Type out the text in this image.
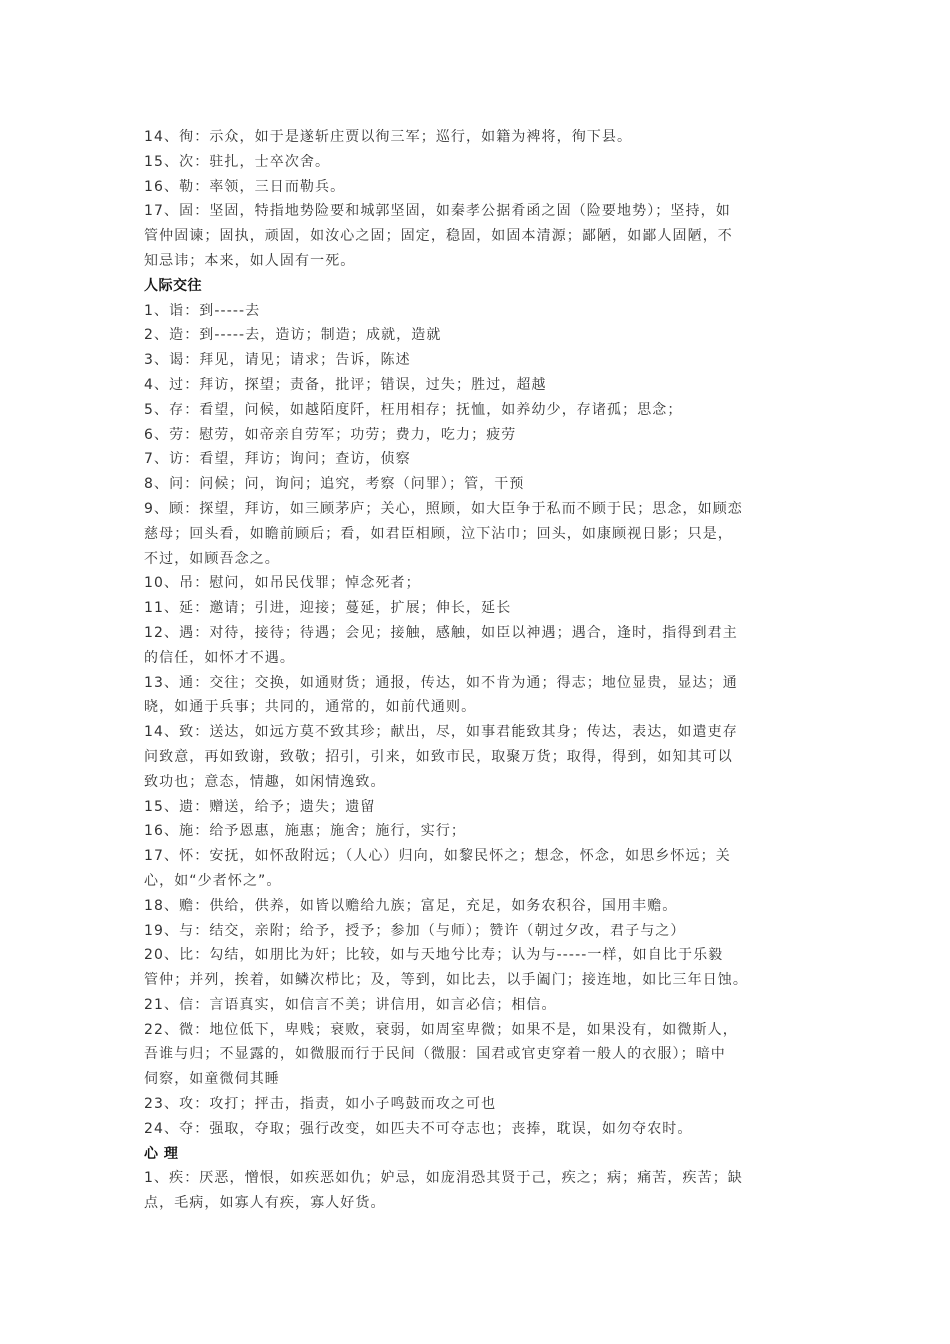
14、徇：示众，如于是遂斩庄贾以徇三军；巡行，如籍为裨将，徇下县。
15、次：驻扎，士卒次舍。
16、勒：率领，三日而勒兵。
17、固：坚固，特指地势险要和城郭坚固，如秦孝公据肴函之固（险要地势）；坚持，如
管仲固谏；固执，顽固，如汝心之固；固定，稳固，如固本清源；鄙陋，如鄙人固陋，不
知忌讳；本来，如人固有一死。
人际交往
1、诣：到-----去
2、造：到-----去，造访；制造；成就，造就
3、谒：拜见，请见；请求；告诉，陈述
4、过：拜访，探望；责备，批评；错误，过失；胜过，超越
5、存：看望，问候，如越陌度阡，枉用相存；抚恤，如养幼少，存诸孤；思念；
6、劳：慰劳，如帝亲自劳军；功劳；费力，吃力；疲劳
7、访：看望，拜访；询问；查访，侦察
8、问：问候；问，询问；追究，考察（问罪）；管，干预
9、顾：探望，拜访，如三顾茅庐；关心，照顾，如大臣争于私而不顾于民；思念，如顾恋
慈母；回头看，如瞻前顾后；看，如君臣相顾，泣下沾巾；回头，如康顾视日影；只是，
不过，如顾吾念之。
10、吊：慰问，如吊民伐罪；悼念死者；
11、延：邀请；引进，迎接；蔓延，扩展；伸长，延长
12、遇：对待，接待；待遇；会见；接触，感触，如臣以神遇；遇合，逢时，指得到君主
的信任，如怀才不遇。
13、通：交往；交换，如通财货；通报，传达，如不肯为通；得志；地位显贵，显达；通
晓，如通于兵事；共同的，通常的，如前代通则。
14、致：送达，如远方莫不致其珍；献出，尽，如事君能致其身；传达，表达，如遣吏存
问致意，再如致谢，致敬；招引，引来，如致市民，取聚万货；取得，得到，如知其可以
致功也；意态，情趣，如闲情逸致。
15、遗：赠送，给予；遗失；遗留
16、施：给予恩惠，施惠；施舍；施行，实行；
17、怀：安抚，如怀敌附远；（人心）归向，如黎民怀之；想念，怀念，如思乡怀远；关
心，如“少者怀之”。
18、赡：供给，供养，如皆以赡给九族；富足，充足，如务农积谷，国用丰赡。
19、与：结交，亲附；给予，授予；参加（与师）；赞许（朝过夕改，君子与之）
20、比：勾结，如朋比为奸；比较，如与天地兮比寿；认为与-----一样，如自比于乐毅
管仲；并列，挨着，如鳞次栉比；及，等到，如比去，以手阖门；接连地，如比三年日蚀。
21、信：言语真实，如信言不美；讲信用，如言必信；相信。
22、微：地位低下，卑贱；衰败，衰弱，如周室卑微；如果不是，如果没有，如微斯人，
吾谁与归；不显露的，如微服而行于民间（微服：国君或官吏穿着一般人的衣服）；暗中
伺察，如童微伺其睡
23、攻：攻打；抨击，指责，如小子鸣鼓而攻之可也
24、夺：强取，夺取；强行改变，如匹夫不可夺志也；丧捧，耽误，如勿夺农时。
心 理
1、疾：厌恶，憎恨，如疾恶如仇；妒忌，如庞涓恐其贤于己，疾之；病；痛苦，疾苦；缺
点，毛病，如寡人有疾，寡人好货。
